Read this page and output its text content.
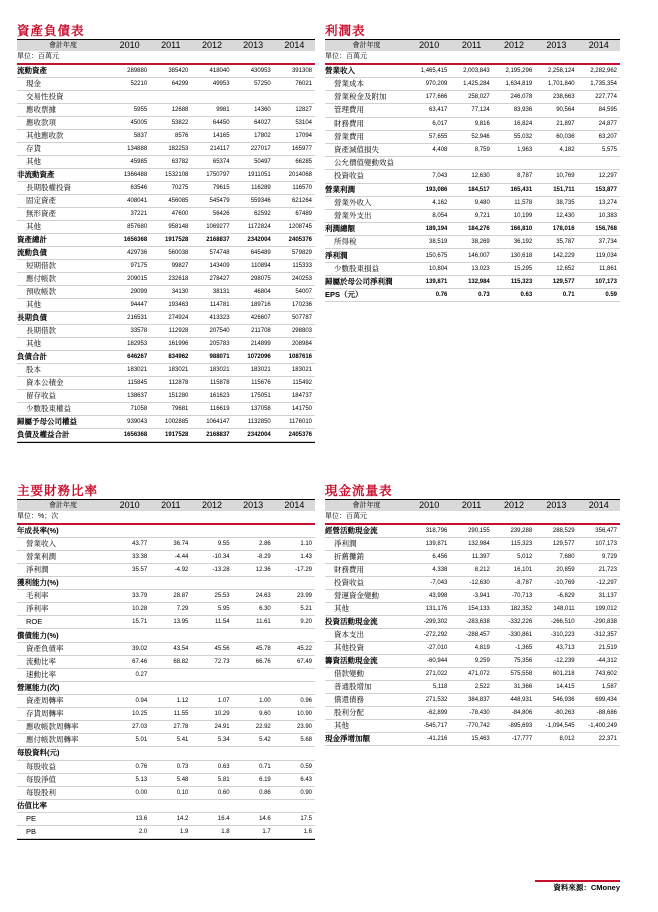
資產負債表
會計年度	2010	2011	2012	2013	2014
單位：百萬元					
流動資產	289880	385420	418040	430953	391308
現金	52210	64299	49953	57250	76021
交易性投資					
應收票據	5955	12688	9981	14360	12827
應收款項	45005	53822	64450	64027	53104
其他應收款	5837	8576	14165	17802	17094
存貨	134888	182253	214117	227017	165977
其他	45985	63782	65374	50497	66285
非流動資產	1366488	1532108	1750797	1911051	2014068
長期股權投資	63546	70275	79615	116289	116570
固定資產	408041	456085	545479	559346	621264
無形資產	37221	47600	56426	62592	67489
其他	857680	958148	1069277	1172824	1208745
資產總計	1656368	1917528	2168837	2342004	2405376
流動負債	429736	560038	574748	645489	579829
短期借款	97175	99827	143409	110894	115333
應付帳款	209015	232618	278427	298075	240253
預收帳款	29099	34130	38131	46804	54007
其他	94447	193463	114781	189716	170236
長期負債	216531	274924	413323	426607	507787
長期借款	33578	112928	207540	211708	298803
其他	182953	161996	205783	214899	208984
負債合計	646267	834962	988071	1072096	1087616
股本	183021	183021	183021	183021	183021
資本公積金	115845	112878	115878	115676	115492
留存收益	138637	151280	161623	175051	184737
少數股東權益	71058	79681	116619	137058	141750
歸屬予母公司權益	939043	1002885	1064147	1132850	1176010
負債及權益合計	1656368	1917528	2168837	2342004	2405376
利潤表
會計年度	2010	2011	2012	2013	2014
單位：百萬元					
營業收入	1,465,415	2,003,843	2,195,296	2,258,124	2,282,962
營業成本	970,209	1,425,284	1,634,819	1,701,840	1,735,354
營業稅金及附加	177,666	258,027	246,078	238,663	227,774
管理費用	63,417	77,124	83,936	90,564	84,595
財務費用	6,017	9,816	16,824	21,897	24,877
營業費用	57,655	52,946	55,032	60,036	63,207
資產減值損失	4,408	8,759	1,963	4,182	5,575
公允價值變動效益					
投資收益	7,043	12,630	8,787	10,769	12,297
營業利潤	193,086	184,517	165,431	151,711	153,877
營業外收入	4,162	9,480	11,578	38,735	13,274
營業外支出	8,054	9,721	10,199	12,430	10,383
利潤總額	189,194	184,276	166,810	178,016	156,768
所得稅	38,519	38,269	36,192	35,787	37,734
淨利潤	150,675	146,007	130,618	142,229	119,034
少數股東損益	10,804	13,023	15,295	12,652	11,861
歸屬於母公司淨利潤	139,871	132,984	115,323	129,577	107,173
EPS（元）	0.76	0.73	0.63	0.71	0.59
主要財務比率
會計年度	2010	2011	2012	2013	2014
單位：%；次					
年成長率(%)					
營業收入	43.77	36.74	9.55	2.86	1.10
營業利潤	33.38	-4.44	-10.34	-8.29	1.43
淨利潤	35.57	-4.92	-13.28	12.36	-17.29
獲利能力(%)					
毛利率	33.79	28.87	25.53	24.63	23.99
淨利率	10.28	7.29	5.95	6.30	5.21
ROE	15.71	13.95	11.54	11.61	9.20
償債能力(%)					
資產負債率	39.02	43.54	45.56	45.78	45.22
流動比率	67.46	68.82	72.73	66.76	67.49
速動比率	0.27				
營運能力(次)					
資產周轉率	0.94	1.12	1.07	1.00	0.96
存貨周轉率	10.25	11.55	10.29	9.60	10.90
應收帳款周轉率	27.03	27.78	24.91	22.92	23.90
應付帳款周轉率	5.01	5.41	5.34	5.42	5.68
每股資料(元)					
每股收益	0.76	0.73	0.63	0.71	0.59
每股淨值	5.13	5.48	5.81	6.19	6.43
每股股利	0.00	0.10	0.60	0.86	0.90
估值比率					
PE	13.6	14.2	16.4	14.6	17.5
PB	2.0	1.9	1.8	1.7	1.6
現金流量表
會計年度	2010	2011	2012	2013	2014
單位：百萬元					
經營活動現金流	318,796	290,155	239,288	288,529	356,477
淨利潤	139,871	132,984	115,323	129,577	107,173
折舊攤銷	6,456	11,397	5,012	7,680	9,729
財務費用	4,338	8,212	16,101	20,859	21,723
投資收益	-7,043	-12,630	-8,787	-10,769	-12,297
營運資金變動	43,998	-3,941	-70,713	-6,829	31,137
其他	131,176	154,133	182,352	148,011	199,012
投資活動現金流	-299,302	-283,638	-332,226	-266,510	-290,838
資本支出	-272,292	-288,457	-330,861	-310,223	-312,357
其他投資	-27,010	4,819	-1,365	43,713	21,519
籌資活動現金流	-60,944	9,259	75,356	-12,239	-44,312
借款變動	271,022	471,072	575,558	601,218	743,602
普通股增加	5,118	2,522	31,366	14,415	1,587
償還債務	271,532	384,837	448,931	546,936	699,434
股利分配	-62,899	-78,430	-84,806	-80,263	-88,686
其他	-545,717	-770,742	-895,693	-1,094,545	-1,400,249
現金淨增加額	-41,216	15,463	-17,777	8,012	22,371
資料來源：CMoney
